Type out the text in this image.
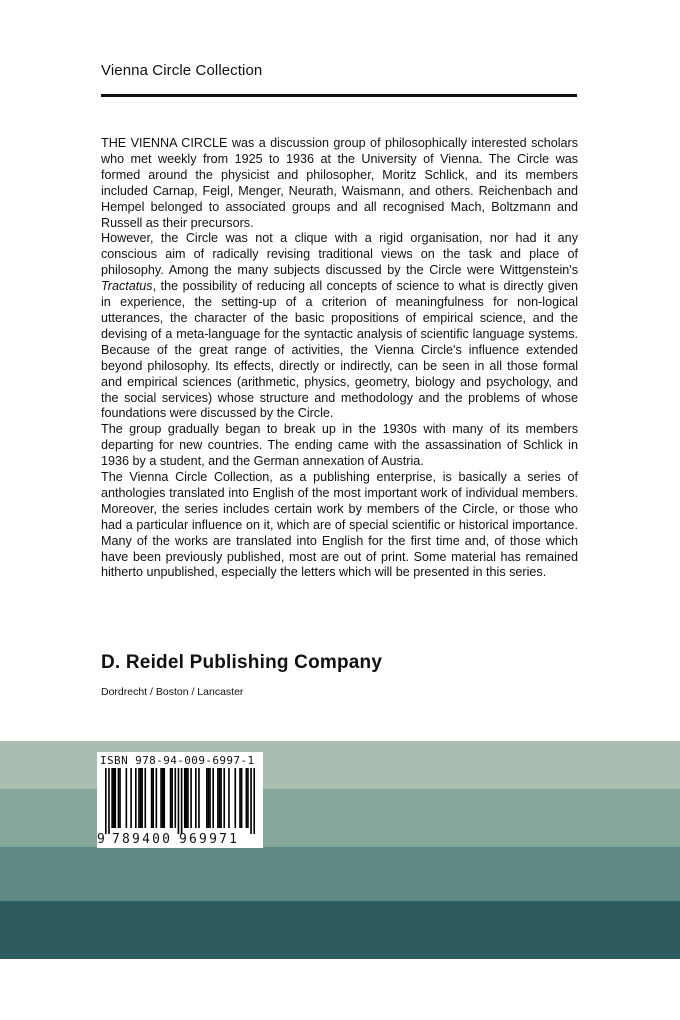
Vienna Circle Collection

THE VIENNA CIRCLE was a discussion group of philosophically interested scholars who met weekly from 1925 to 1936 at the University of Vienna. The Circle was formed around the physicist and philosopher, Moritz Schlick, and its members included Carnap, Feigl, Menger, Neurath, Waismann, and others. Reichenbach and Hempel belonged to associated groups and all recognised Mach, Boltzmann and Russell as their precursors.

However, the Circle was not a clique with a rigid organisation, nor had it any conscious aim of radically revising traditional views on the task and place of philosophy. Among the many subjects discussed by the Circle were Wittgenstein's Tractatus, the possibility of reducing all concepts of science to what is directly given in experience, the setting-up of a criterion of meaningfulness for non-logical utterances, the character of the basic propositions of empirical science, and the devising of a meta-language for the syntactic analysis of scientific language systems. Because of the great range of activities, the Vienna Circle's influence extended beyond philosophy. Its effects, directly or indirectly, can be seen in all those formal and empirical sciences (arithmetic, physics, geometry, biology and psychology, and the social services) whose structure and methodology and the problems of whose foundations were discussed by the Circle.

The group gradually began to break up in the 1930s with many of its members departing for new countries. The ending came with the assassination of Schlick in 1936 by a student, and the German annexation of Austria.

The Vienna Circle Collection, as a publishing enterprise, is basically a series of anthologies translated into English of the most important work of individual members. Moreover, the series includes certain work by members of the Circle, or those who had a particular influence on it, which are of special scientific or historical importance. Many of the works are translated into English for the first time and, of those which have been previously published, most are out of print. Some material has remained hitherto unpublished, especially the letters which will be presented in this series.

D. Reidel Publishing Company
Dordrecht / Boston / Lancaster
ISBN 978-94-009-6997-1
9 789400 969971
